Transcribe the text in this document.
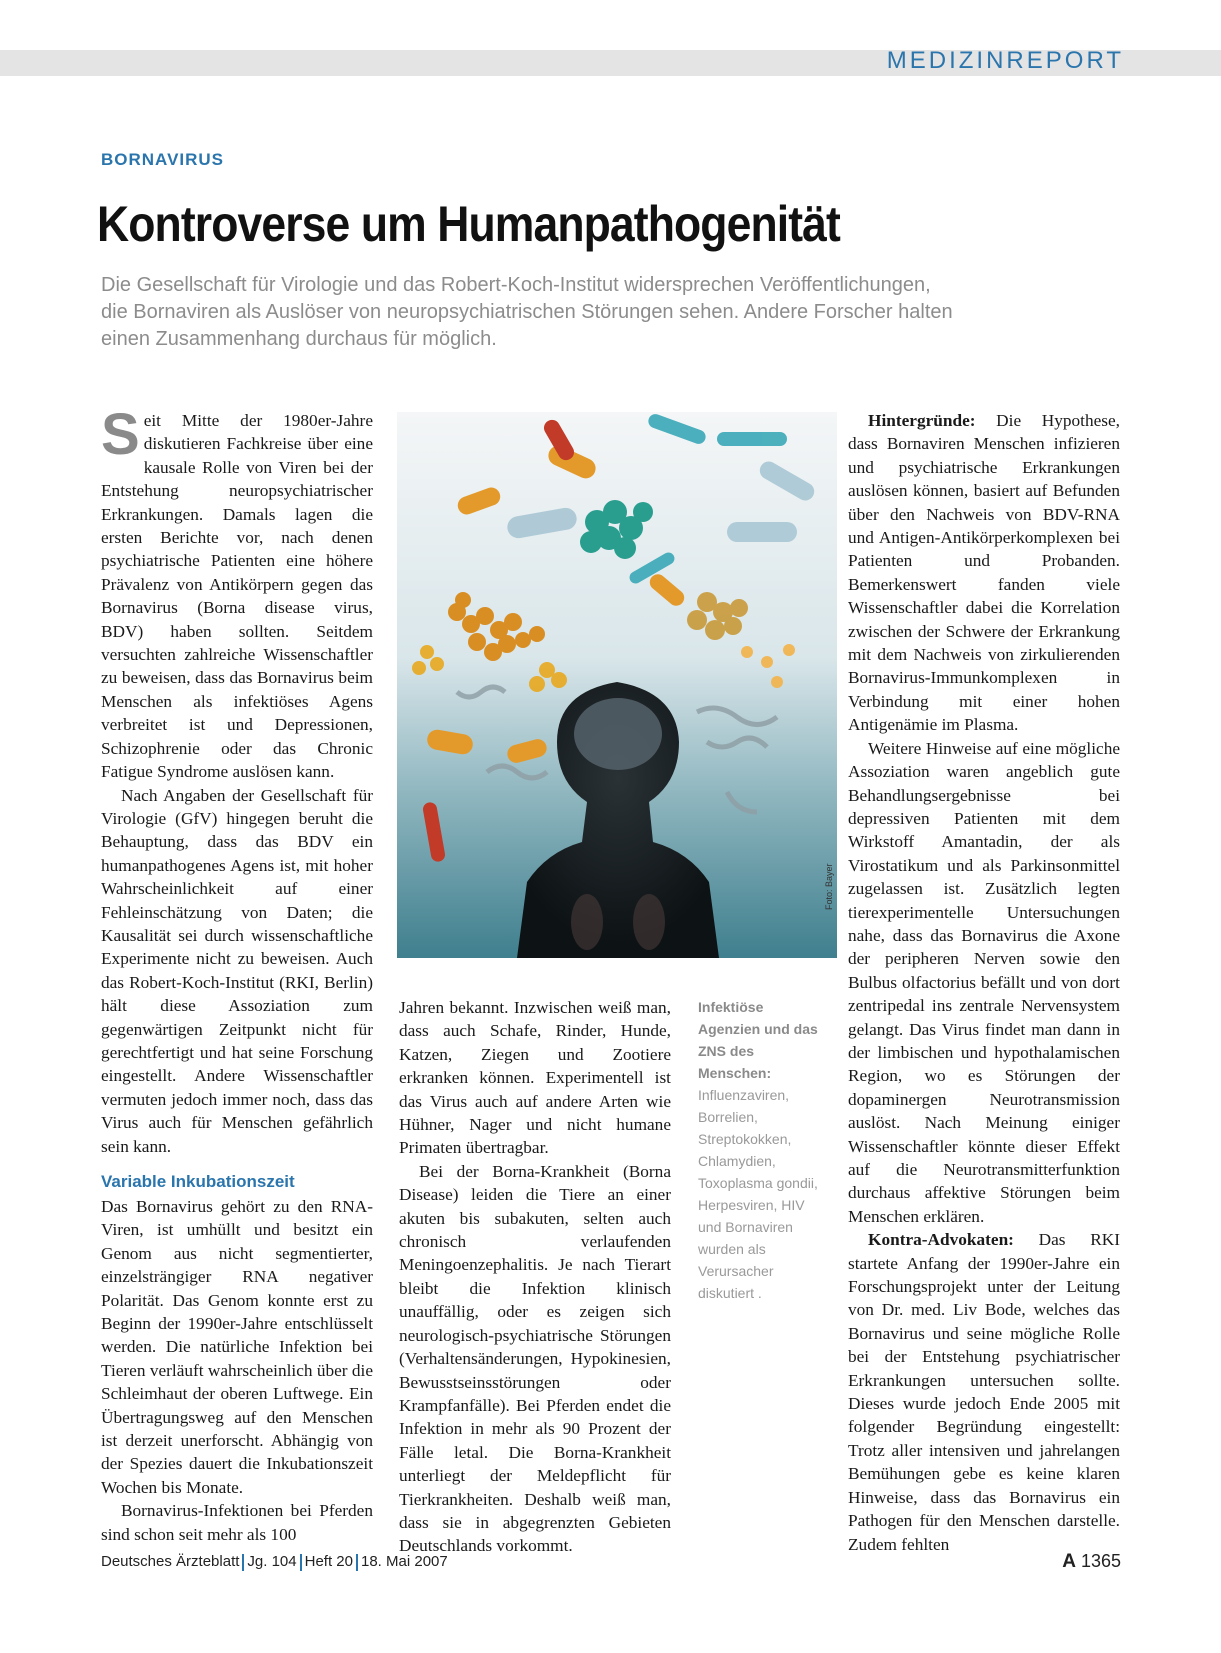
MEDIZINREPORT
BORNAVIRUS
Kontroverse um Humanpathogenität
Die Gesellschaft für Virologie und das Robert-Koch-Institut widersprechen Veröffentlichungen,
die Bornaviren als Auslöser von neuropsychiatrischen Störungen sehen. Andere Forscher halten
einen Zusammenhang durchaus für möglich.

Seit Mitte der 1980er-Jahre diskutieren Fachkreise über eine kausale Rolle von Viren bei der Entstehung neuropsychiatrischer Erkrankungen. Damals lagen die ersten Berichte vor, nach denen psychiatrische Patienten eine höhere Prävalenz von Antikörpern gegen das Bornavirus (Borna disease virus, BDV) haben sollten. Seitdem versuchten zahlreiche Wissenschaftler zu beweisen, dass das Bornavirus beim Menschen als infektiöses Agens verbreitet ist und Depressionen, Schizophrenie oder das Chronic Fatigue Syndrome auslösen kann.

Nach Angaben der Gesellschaft für Virologie (GfV) hingegen beruht die Behauptung, dass das BDV ein humanpathogenes Agens ist, mit hoher Wahrscheinlichkeit auf einer Fehleinschätzung von Daten; die Kausalität sei durch wissenschaftliche Experimente nicht zu beweisen. Auch das Robert-Koch-Institut (RKI, Berlin) hält diese Assoziation zum gegenwärtigen Zeitpunkt nicht für gerechtfertigt und hat seine Forschung eingestellt. Andere Wissenschaftler vermuten jedoch immer noch, dass das Virus auch für Menschen gefährlich sein kann.

Variable Inkubationszeit

Das Bornavirus gehört zu den RNA-Viren, ist umhüllt und besitzt ein Genom aus nicht segmentierter, einzelsträngiger RNA negativer Polarität. Das Genom konnte erst zu Beginn der 1990er-Jahre entschlüsselt werden. Die natürliche Infektion bei Tieren verläuft wahrscheinlich über die Schleimhaut der oberen Luftwege. Ein Übertragungsweg auf den Menschen ist derzeit unerforscht. Abhängig von der Spezies dauert die Inkubationszeit Wochen bis Monate.

Bornavirus-Infektionen bei Pferden sind schon seit mehr als 100

Foto: Bayer

Jahren bekannt. Inzwischen weiß man, dass auch Schafe, Rinder, Hunde, Katzen, Ziegen und Zootiere erkranken können. Experimentell ist das Virus auch auf andere Arten wie Hühner, Nager und nicht humane Primaten übertragbar.

Bei der Borna-Krankheit (Borna Disease) leiden die Tiere an einer akuten bis subakuten, selten auch chronisch verlaufenden Meningoenzephalitis. Je nach Tierart bleibt die Infektion klinisch unauffällig, oder es zeigen sich neurologisch-psychiatrische Störungen (Verhaltensänderungen, Hypokinesien, Bewusstseinsstörungen oder Krampfanfälle). Bei Pferden endet die Infektion in mehr als 90 Prozent der Fälle letal. Die Borna-Krankheit unterliegt der Meldepflicht für Tierkrankheiten. Deshalb weiß man, dass sie in abgegrenzten Gebieten Deutschlands vorkommt.

Infektiöse Agenzien und das ZNS des Menschen: Influenzaviren, Borrelien, Streptokokken, Chlamydien, Toxoplasma gondii, Herpesviren, HIV und Bornaviren wurden als Verursacher diskutiert .

Hintergründe: Die Hypothese, dass Bornaviren Menschen infizieren und psychiatrische Erkrankungen auslösen können, basiert auf Befunden über den Nachweis von BDV-RNA und Antigen-Antikörperkomplexen bei Patienten und Probanden. Bemerkenswert fanden viele Wissenschaftler dabei die Korrelation zwischen der Schwere der Erkrankung mit dem Nachweis von zirkulierenden Bornavirus-Immunkomplexen in Verbindung mit einer hohen Antigenämie im Plasma.

Weitere Hinweise auf eine mögliche Assoziation waren angeblich gute Behandlungsergebnisse bei depressiven Patienten mit dem Wirkstoff Amantadin, der als Virostatikum und als Parkinsonmittel zugelassen ist. Zusätzlich legten tierexperimentelle Untersuchungen nahe, dass das Bornavirus die Axone der peripheren Nerven sowie den Bulbus olfactorius befällt und von dort zentripedal ins zentrale Nervensystem gelangt. Das Virus findet man dann in der limbischen und hypothalamischen Region, wo es Störungen der dopaminergen Neurotransmission auslöst. Nach Meinung einiger Wissenschaftler könnte dieser Effekt auf die Neurotransmitterfunktion durchaus affektive Störungen beim Menschen erklären.

Kontra-Advokaten: Das RKI startete Anfang der 1990er-Jahre ein Forschungsprojekt unter der Leitung von Dr. med. Liv Bode, welches das Bornavirus und seine mögliche Rolle bei der Entstehung psychiatrischer Erkrankungen untersuchen sollte. Dieses wurde jedoch Ende 2005 mit folgender Begründung eingestellt: Trotz aller intensiven und jahrelangen Bemühungen gebe es keine klaren Hinweise, dass das Bornavirus ein Pathogen für den Menschen darstelle. Zudem fehlten

Deutsches Ärzteblatt Jg. 104 Heft 20 18. Mai 2007	A 1365
